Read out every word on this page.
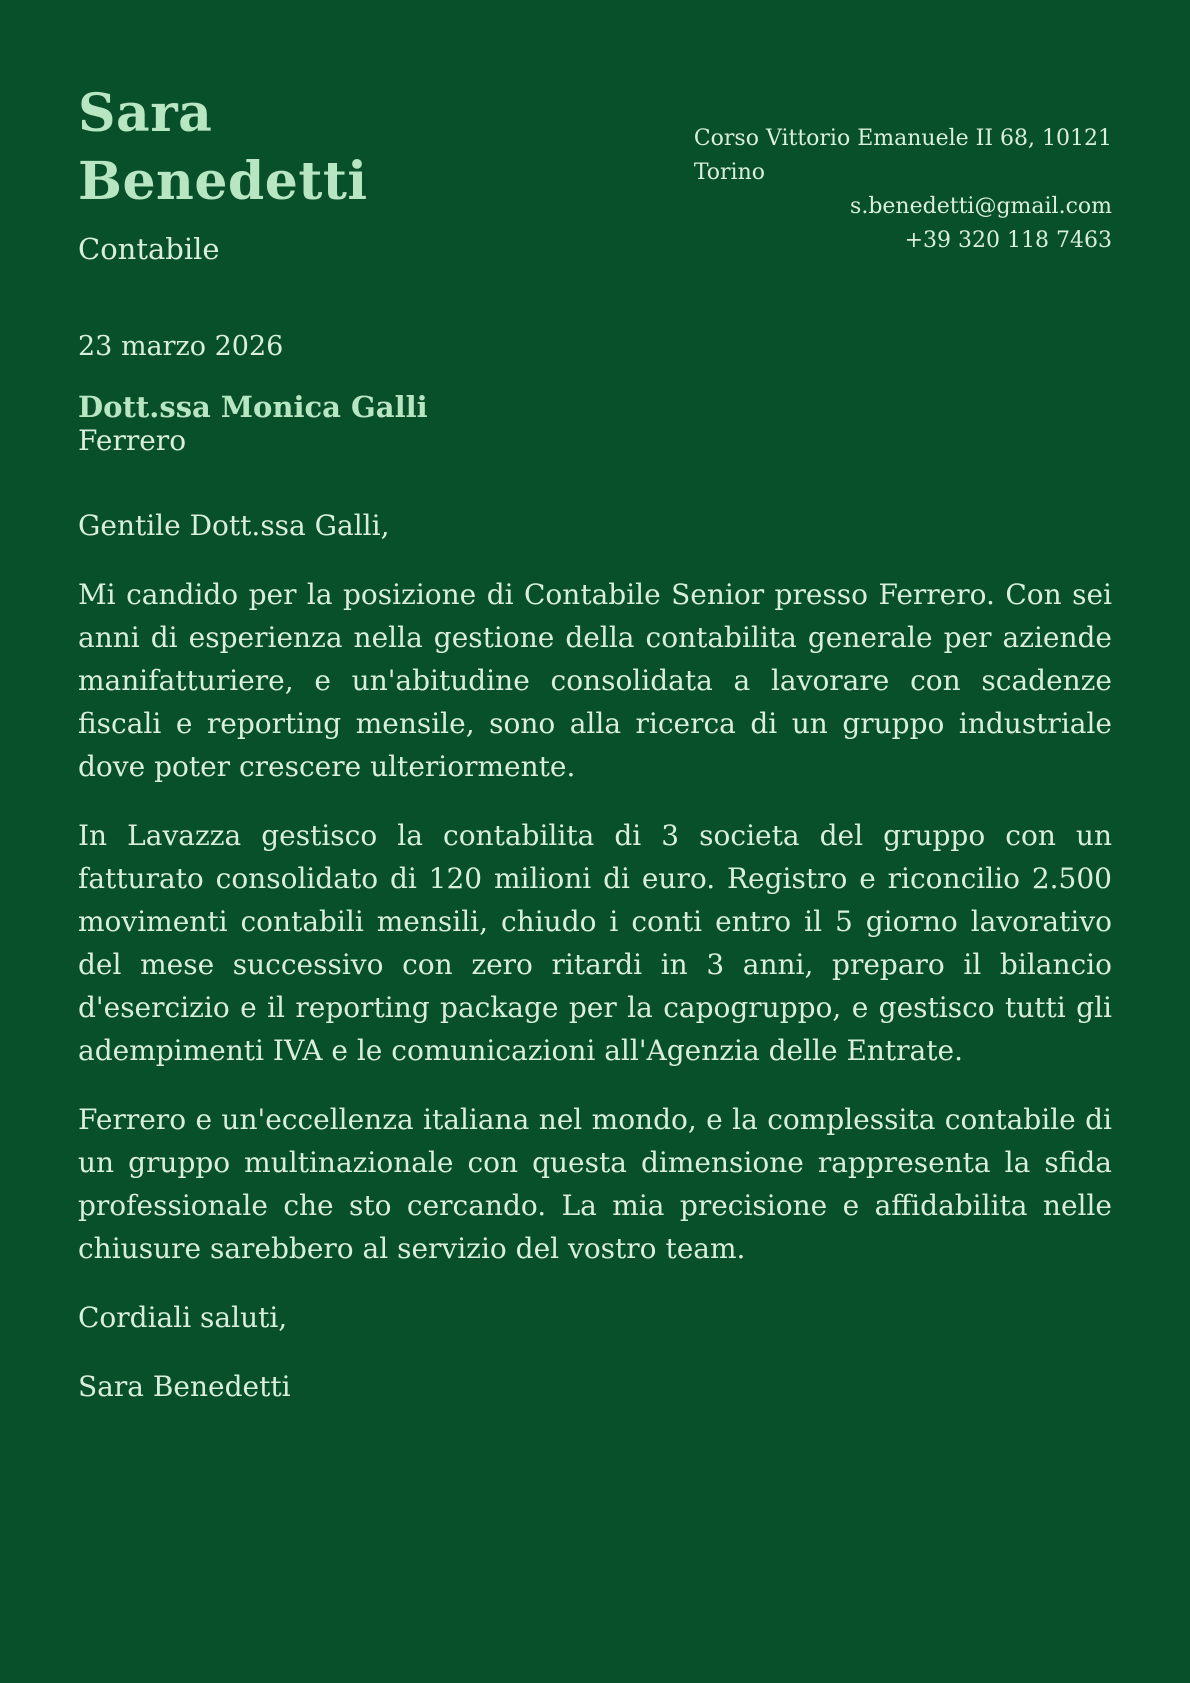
Sara
Benedetti
Contabile
Corso Vittorio Emanuele II 68, 10121
Torino
s.benedetti@gmail.com
+39 320 118 7463
23 marzo 2026
Dott.ssa Monica Galli
Ferrero

Gentile Dott.ssa Galli,

Mi candido per la posizione di Contabile Senior presso Ferrero. Con sei anni di esperienza nella gestione della contabilita generale per aziende manifatturiere, e un'abitudine consolidata a lavorare con scadenze fiscali e reporting mensile, sono alla ricerca di un gruppo industriale dove poter crescere ulteriormente.

In Lavazza gestisco la contabilita di 3 societa del gruppo con un fatturato consolidato di 120 milioni di euro. Registro e riconcilio 2.500 movimenti contabili mensili, chiudo i conti entro il 5 giorno lavorativo del mese successivo con zero ritardi in 3 anni, preparo il bilancio d'esercizio e il reporting package per la capogruppo, e gestisco tutti gli adempimenti IVA e le comunicazioni all'Agenzia delle Entrate.

Ferrero e un'eccellenza italiana nel mondo, e la complessita contabile di un gruppo multinazionale con questa dimensione rappresenta la sfida professionale che sto cercando. La mia precisione e affidabilita nelle chiusure sarebbero al servizio del vostro team.

Cordiali saluti,

Sara Benedetti
